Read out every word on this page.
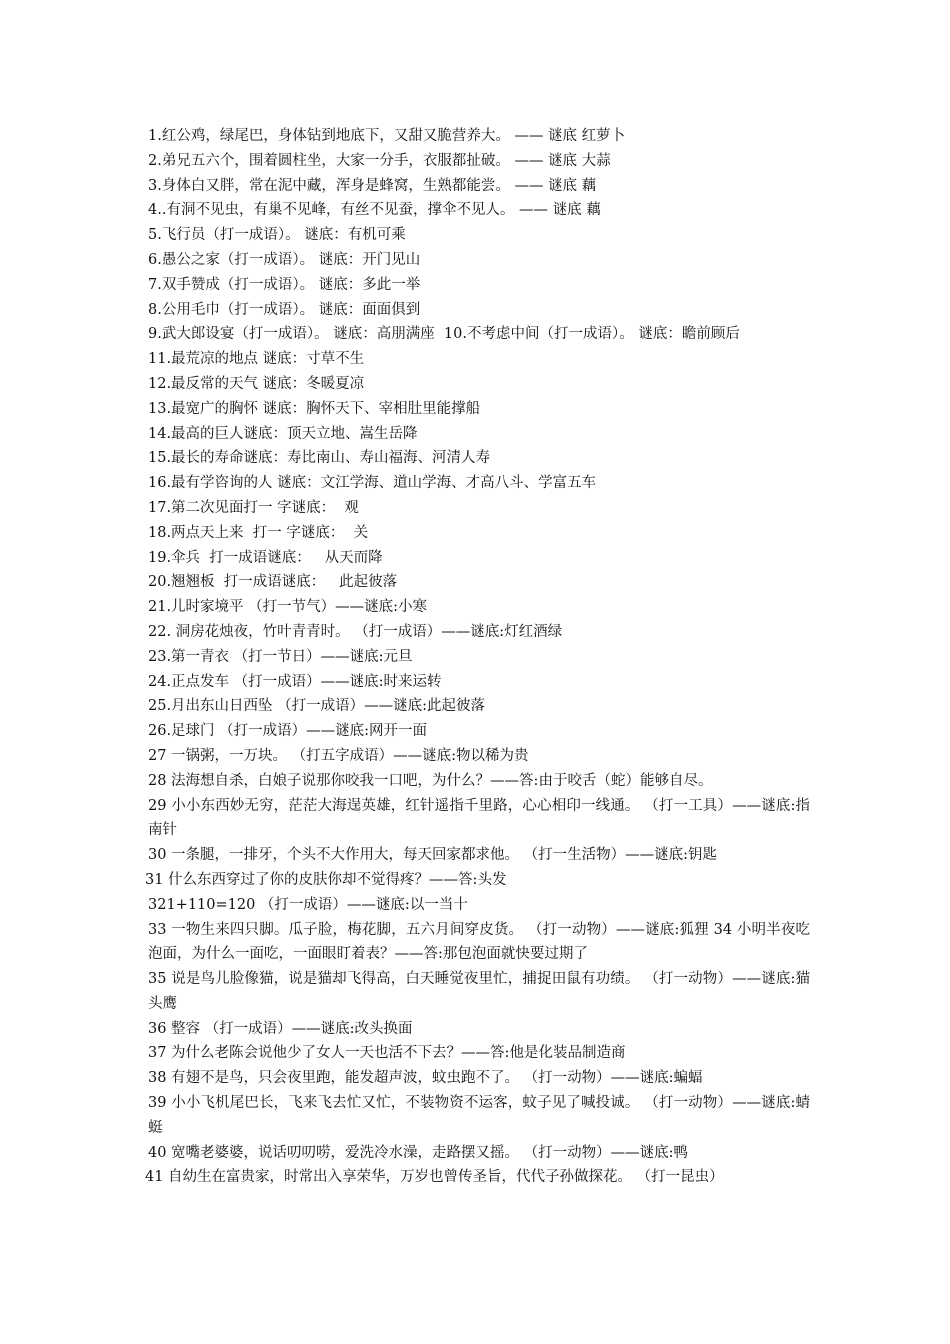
1.红公鸡，绿尾巴，身体钻到地底下，又甜又脆营养大。 —— 谜底 红萝卜
2.弟兄五六个，围着圆柱坐，大家一分手，衣服都扯破。 —— 谜底 大蒜
3.身体白又胖，常在泥中藏，浑身是蜂窝，生熟都能尝。 —— 谜底 藕
4..有洞不见虫，有巢不见峰，有丝不见蚕，撑伞不见人。 —— 谜底 藕
5.飞行员（打一成语）。 谜底：有机可乘
6.愚公之家（打一成语）。 谜底：开门见山
7.双手赞成（打一成语）。 谜底：多此一举
8.公用毛巾（打一成语）。 谜底：面面俱到
9.武大郎设宴（打一成语）。 谜底：高朋满座  10.不考虑中间（打一成语）。 谜底：瞻前顾后
11.最荒凉的地点 谜底：寸草不生
12.最反常的天气 谜底：冬暖夏凉
13.最宽广的胸怀 谜底：胸怀天下、宰相肚里能撑船
14.最高的巨人谜底：顶天立地、嵩生岳降
15.最长的寿命谜底：寿比南山、寿山福海、河清人寿
16.最有学咨询的人 谜底：文江学海、道山学海、才高八斗、学富五车
17.第二次见面打一 字谜底：  观
18.两点天上来  打一 字谜底：  关
19.伞兵  打一成语谜底：   从天而降
20.翘翘板  打一成语谜底：   此起彼落
21.儿时家境平 （打一节气）——谜底:小寒
22. 洞房花烛夜，竹叶青青时。 （打一成语）——谜底:灯红酒绿
23.第一青衣 （打一节日）——谜底:元旦
24.正点发车 （打一成语）——谜底:时来运转
25.月出东山日西坠 （打一成语）——谜底:此起彼落
26.足球门 （打一成语）——谜底:网开一面
27 一锅粥，一万块。 （打五字成语）——谜底:物以稀为贵
28 法海想自杀，白娘子说那你咬我一口吧，为什么？——答:由于咬舌（蛇）能够自尽。
29 小小东西妙无穷，茫茫大海逞英雄，红针遥指千里路，心心相印一线通。 （打一工具）——谜底:指南针
30 一条腿，一排牙，个头不大作用大，每天回家都求他。 （打一生活物）——谜底:钥匙
31 什么东西穿过了你的皮肤你却不觉得疼？——答:头发
321+110=120 （打一成语）——谜底:以一当十
33 一物生来四只脚。瓜子脸，梅花脚，五六月间穿皮货。 （打一动物）——谜底:狐狸 34 小明半夜吃泡面，为什么一面吃，一面眼盯着表？——答:那包泡面就快要过期了
35 说是鸟儿脸像猫，说是猫却飞得高，白天睡觉夜里忙，捕捉田鼠有功绩。 （打一动物）——谜底:猫头鹰
36 整容 （打一成语）——谜底:改头换面
37 为什么老陈会说他少了女人一天也活不下去？——答:他是化装品制造商
38 有翅不是鸟，只会夜里跑，能发超声波，蚊虫跑不了。 （打一动物）——谜底:蝙蝠
39 小小飞机尾巴长，飞来飞去忙又忙，不装物资不运客，蚊子见了喊投诚。 （打一动物）——谜底:蜻蜓
40 宽嘴老婆婆，说话叨叨唠，爱洗冷水澡，走路摆又摇。 （打一动物）——谜底:鸭
41 自幼生在富贵家，时常出入享荣华，万岁也曾传圣旨，代代子孙做探花。 （打一昆虫）
